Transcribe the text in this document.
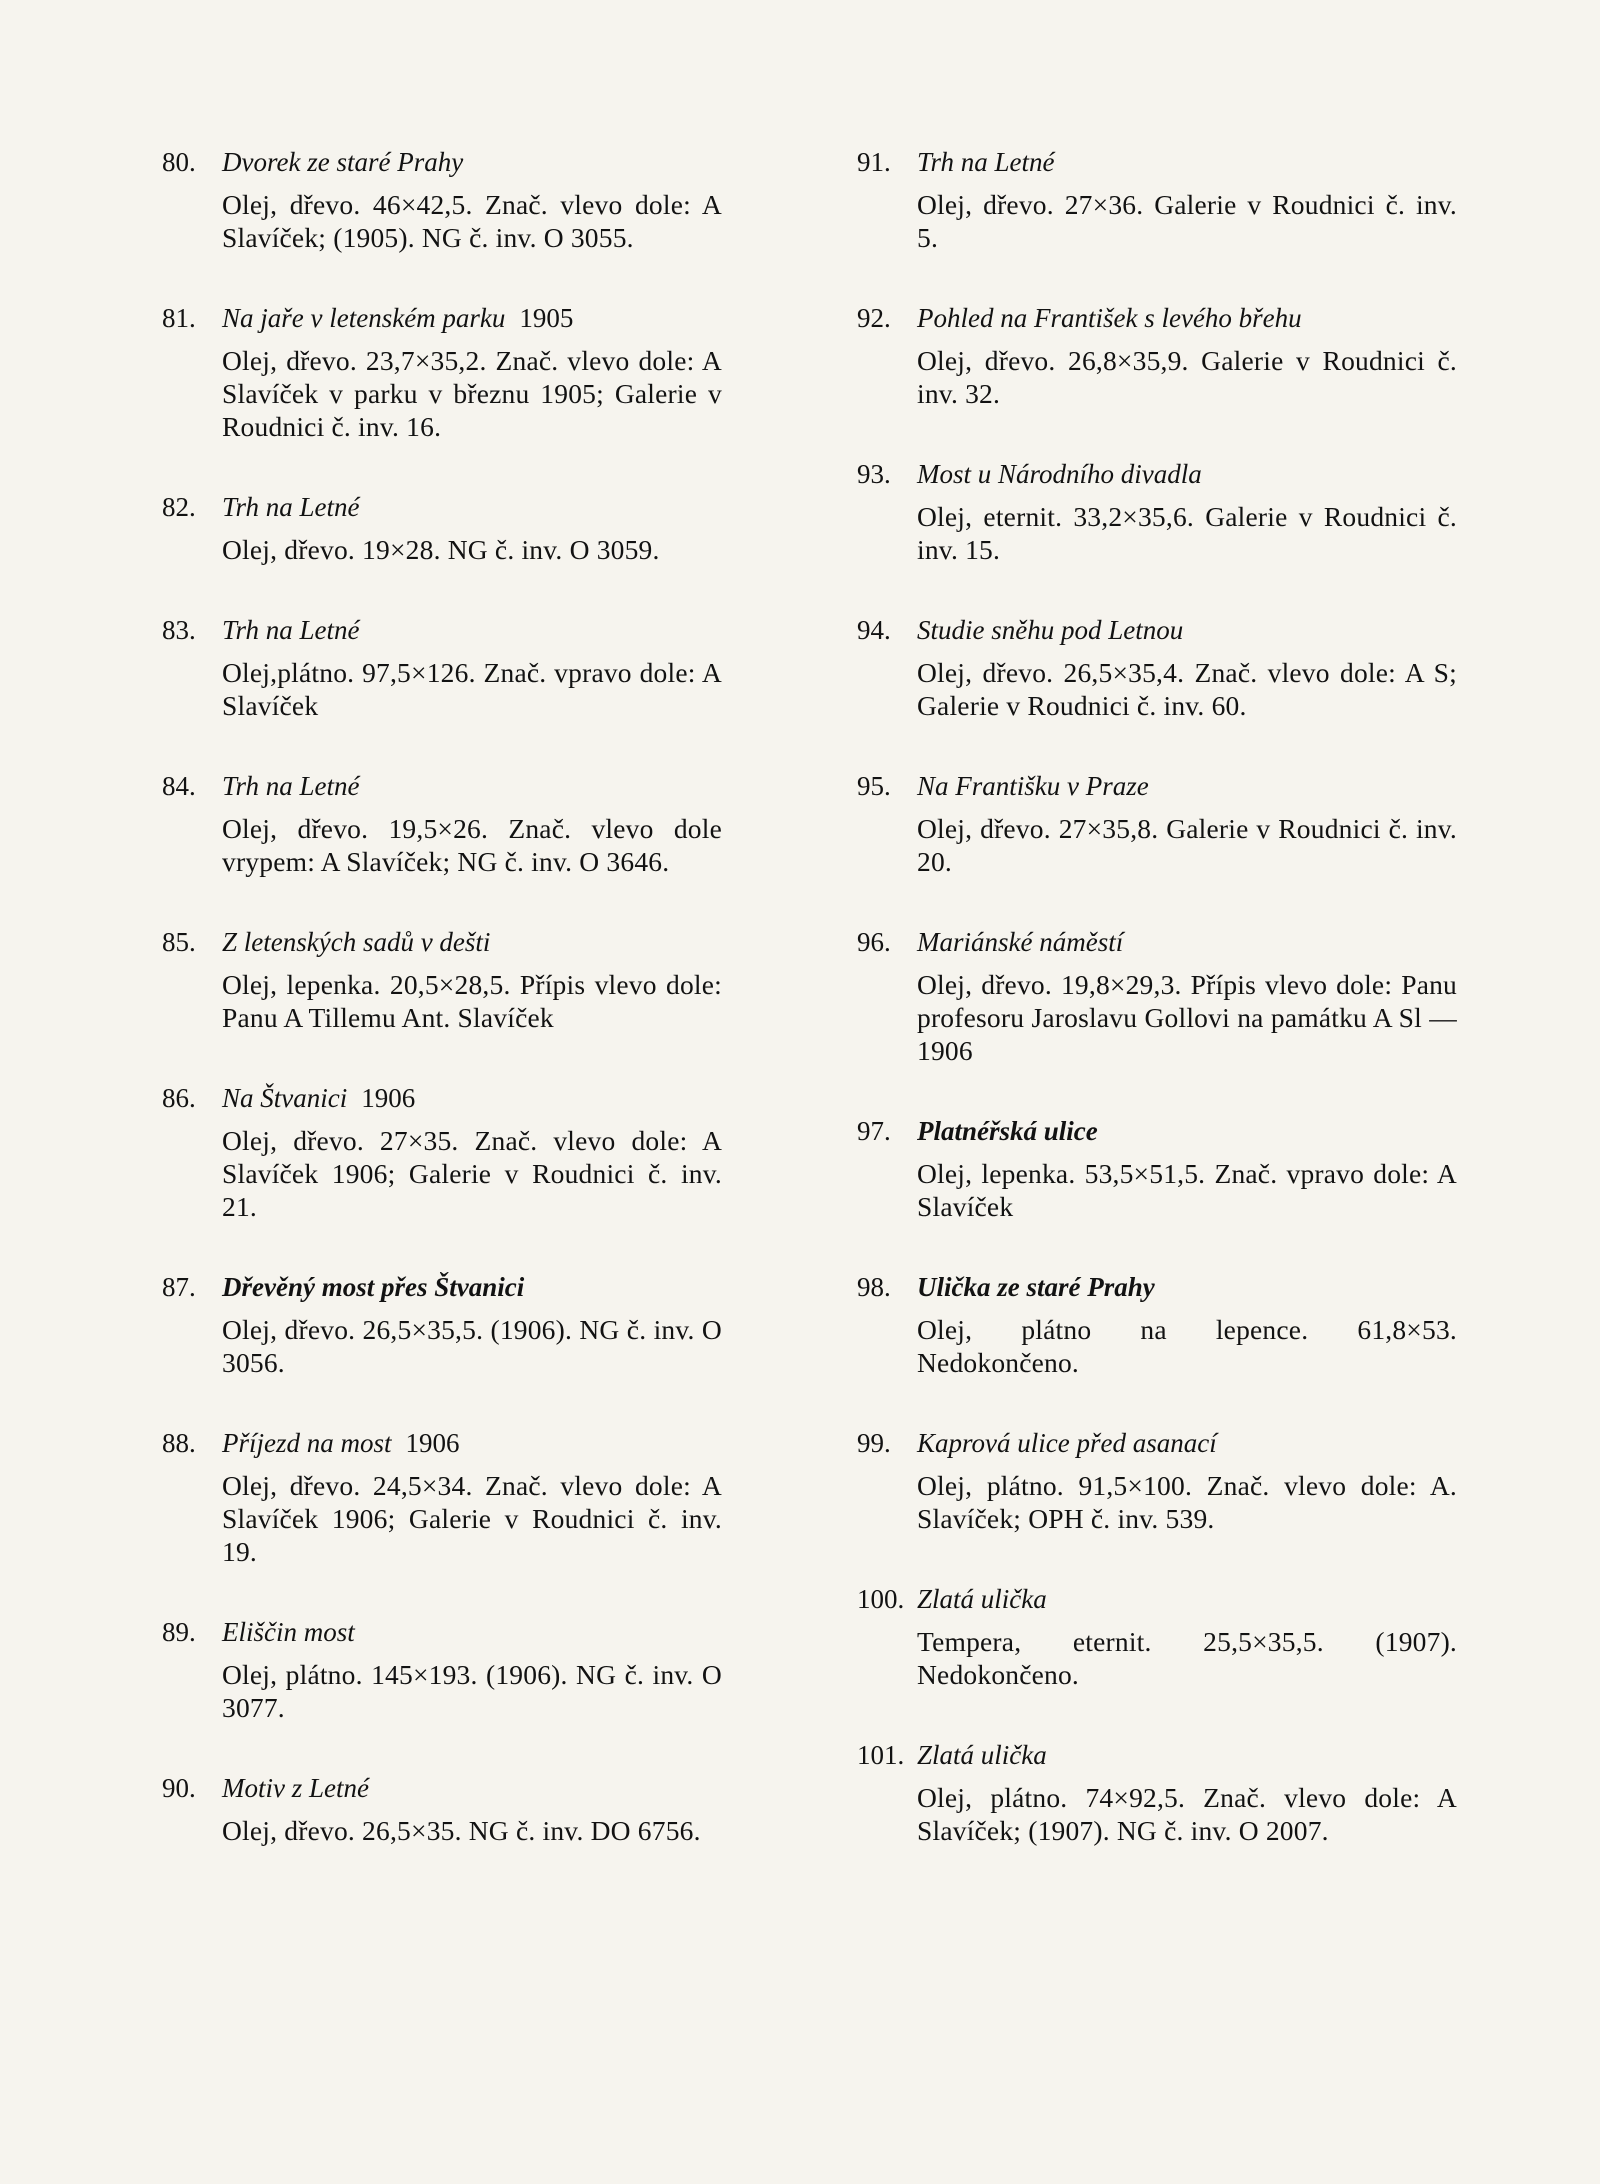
80. Dvorek ze staré Prahy
Olej, dřevo. 46×42,5. Znač. vlevo dole: A Slavíček; (1905). NG č. inv. O 3055.
81. Na jaře v letenském parku 1905
Olej, dřevo. 23,7×35,2. Znač. vlevo dole: A Slavíček v parku v březnu 1905; Galerie v Roudnici č. inv. 16.
82. Trh na Letné
Olej, dřevo. 19×28. NG č. inv. O 3059.
83. Trh na Letné
Olej,plátno. 97,5×126. Znač. vpravo dole: A Slavíček
84. Trh na Letné
Olej, dřevo. 19,5×26. Znač. vlevo dole vrypem: A Slavíček; NG č. inv. O 3646.
85. Z letenských sadů v dešti
Olej, lepenka. 20,5×28,5. Přípis vlevo dole: Panu A Tillemu Ant. Slavíček
86. Na Štvanici 1906
Olej, dřevo. 27×35. Znač. vlevo dole: A Slavíček 1906; Galerie v Roudnici č. inv. 21.
87. Dřevěný most přes Štvanici
Olej, dřevo. 26,5×35,5. (1906). NG č. inv. O 3056.
88. Příjezd na most 1906
Olej, dřevo. 24,5×34. Znač. vlevo dole: A Slavíček 1906; Galerie v Roudnici č. inv. 19.
89. Eliščin most
Olej, plátno. 145×193. (1906). NG č. inv. O 3077.
90. Motiv z Letné
Olej, dřevo. 26,5×35. NG č. inv. DO 6756.
91. Trh na Letné
Olej, dřevo. 27×36. Galerie v Roudnici č. inv. 5.
92. Pohled na František s levého břehu
Olej, dřevo. 26,8×35,9. Galerie v Roudnici č. inv. 32.
93. Most u Národního divadla
Olej, eternit. 33,2×35,6. Galerie v Roudnici č. inv. 15.
94. Studie sněhu pod Letnou
Olej, dřevo. 26,5×35,4. Znač. vlevo dole: A S; Galerie v Roudnici č. inv. 60.
95. Na Františku v Praze
Olej, dřevo. 27×35,8. Galerie v Roudnici č. inv. 20.
96. Mariánské náměstí
Olej, dřevo. 19,8×29,3. Přípis vlevo dole: Panu profesoru Jaroslavu Gollovi na památku A Sl — 1906
97. Platnéřská ulice
Olej, lepenka. 53,5×51,5. Znač. vpravo dole: A Slavíček
98. Ulička ze staré Prahy
Olej, plátno na lepence. 61,8×53. Nedokončeno.
99. Kaprová ulice před asanací
Olej, plátno. 91,5×100. Znač. vlevo dole: A. Slavíček; OPH č. inv. 539.
100. Zlatá ulička
Tempera, eternit. 25,5×35,5. (1907). Nedokončeno.
101. Zlatá ulička
Olej, plátno. 74×92,5. Znač. vlevo dole: A Slavíček; (1907). NG č. inv. O 2007.
